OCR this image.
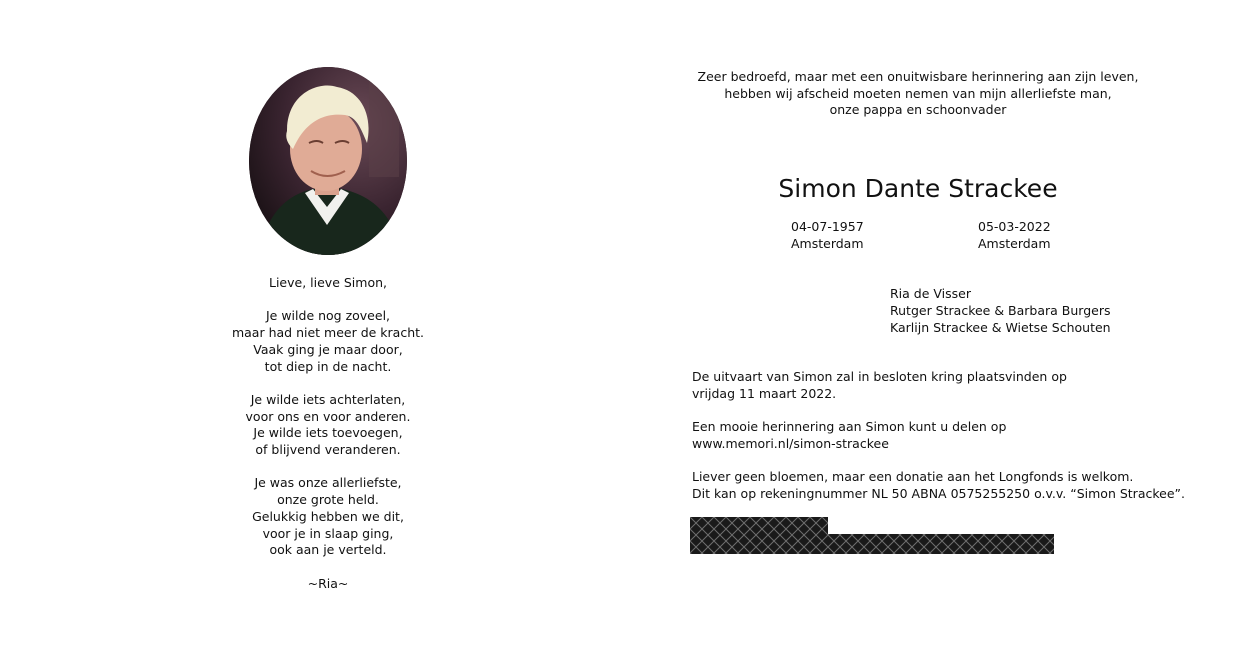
Lieve, lieve Simon,
Je wilde nog zoveel,
maar had niet meer de kracht.
Vaak ging je maar door,
tot diep in de nacht.
Je wilde iets achterlaten,
voor ons en voor anderen.
Je wilde iets toevoegen,
of blijvend veranderen.
Je was onze allerliefste,
onze grote held.
Gelukkig hebben we dit,
voor je in slaap ging,
ook aan je verteld.
~Ria~
Zeer bedroefd, maar met een onuitwisbare herinnering aan zijn leven,
hebben wij afscheid moeten nemen van mijn allerliefste man,
onze pappa en schoonvader
Simon Dante Strackee
04-07-1957
Amsterdam
05-03-2022
Amsterdam
Ria de Visser
Rutger Strackee & Barbara Burgers
Karlijn Strackee & Wietse Schouten
De uitvaart van Simon zal in besloten kring plaatsvinden op
vrijdag 11 maart 2022.
Een mooie herinnering aan Simon kunt u delen op
www.memori.nl/simon-strackee
Liever geen bloemen, maar een donatie aan het Longfonds is welkom.
Dit kan op rekeningnummer NL 50 ABNA 0575255250 o.v.v. “Simon Strackee”.
